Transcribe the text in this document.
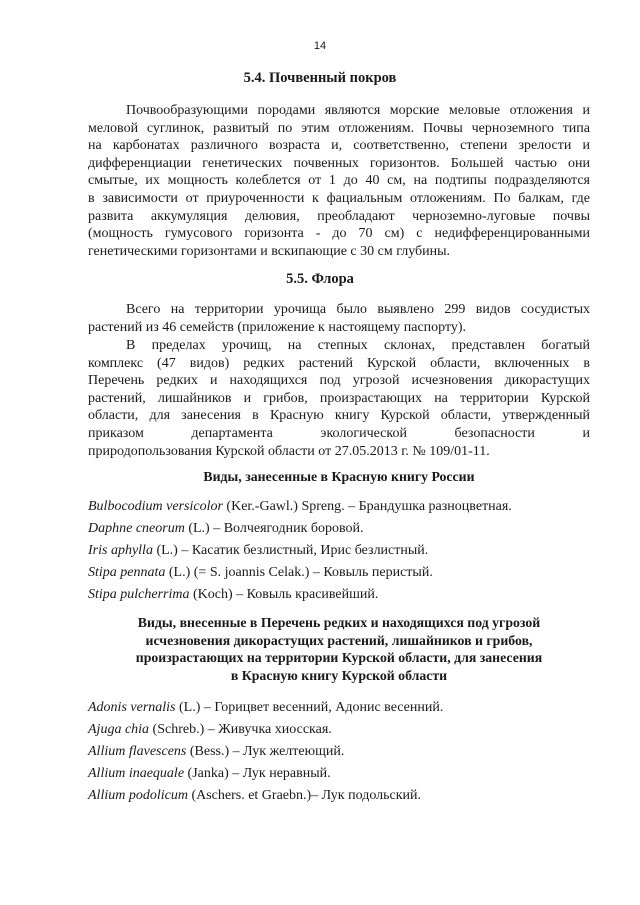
14
5.4. Почвенный покров
Почвообразующими породами являются морские меловые отложения и
меловой суглинок, развитый по этим отложениям. Почвы черноземного типа
на карбонатах различного возраста и, соответственно, степени зрелости и
дифференциации генетических почвенных горизонтов. Большей частью они
смытые, их мощность колеблется от 1 до 40 см, на подтипы подразделяются
в зависимости от приуроченности к фациальным отложениям. По балкам, где
развита аккумуляция делювия, преобладают черноземно-луговые почвы
(мощность гумусового горизонта - до 70 см) с недифференцированными
генетическими горизонтами и вскипающие с 30 см глубины.
5.5. Флора
Всего на территории урочища было выявлено 299 видов сосудистых
растений из 46 семейств (приложение к настоящему паспорту).
В пределах урочищ, на степных склонах, представлен богатый
комплекс (47 видов) редких растений Курской области, включенных в
Перечень редких и находящихся под угрозой исчезновения дикорастущих
растений, лишайников и грибов, произрастающих на территории Курской
области, для занесения в Красную книгу Курской области, утвержденный
приказом департамента экологической безопасности и
природопользования Курской области от 27.05.2013 г. № 109/01-11.
Виды, занесенные в Красную книгу России
Bulbocodium versicolor (Ker.-Gawl.) Spreng. – Брандушка разноцветная.
Daphne cneorum (L.) – Волчеягодник боровой.
Iris aphylla (L.) – Касатик безлистный, Ирис безлистный.
Stipa pennata (L.) (= S. joannis Celak.) – Ковыль перистый.
Stipa pulcherrima (Koch) – Ковыль красивейший.
Виды, внесенные в Перечень редких и находящихся под угрозой
исчезновения дикорастущих растений, лишайников и грибов,
произрастающих на территории Курской области, для занесения
в Красную книгу Курской области
Adonis vernalis (L.) – Горицвет весенний, Адонис весенний.
Ajuga chia (Schreb.) – Живучка хиосская.
Allium flavescens (Bess.) – Лук желтеющий.
Allium inaequale (Janka) – Лук неравный.
Allium podolicum (Aschers. et Graebn.)– Лук подольский.
